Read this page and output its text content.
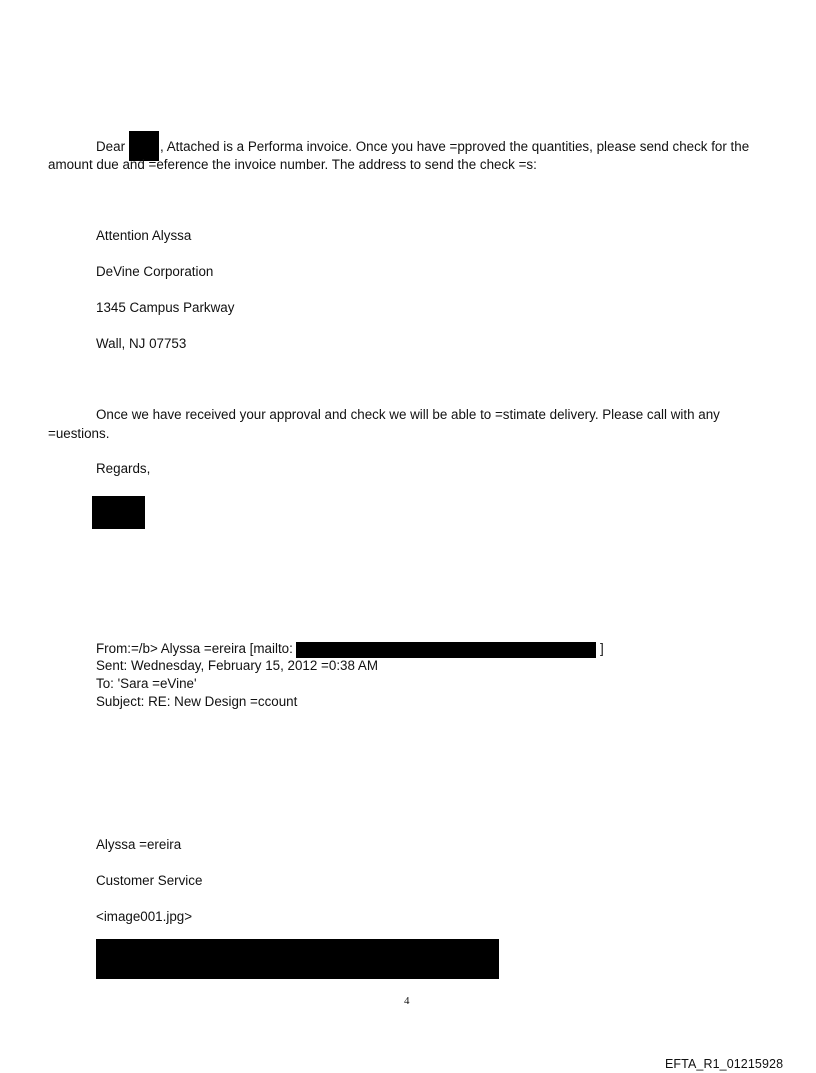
Dear	, Attached is a Performa invoice. Once you have =pproved the quantities, please send check for the
amount due and =eference the invoice number. The address to send the check =s:
Attention Alyssa
DeVine Corporation
1345 Campus Parkway
Wall, NJ 07753
Once we have received your approval and check we will be able to =stimate delivery. Please call with any
=uestions.
Regards,
From:=/b> Alyssa =ereira [mailto:	]
Sent: Wednesday, February 15, 2012 =0:38 AM
To: 'Sara =eVine'
Subject: RE: New Design =ccount
Alyssa =ereira
Customer Service
<image001.jpg>
4
EFTA_R1_01215928
